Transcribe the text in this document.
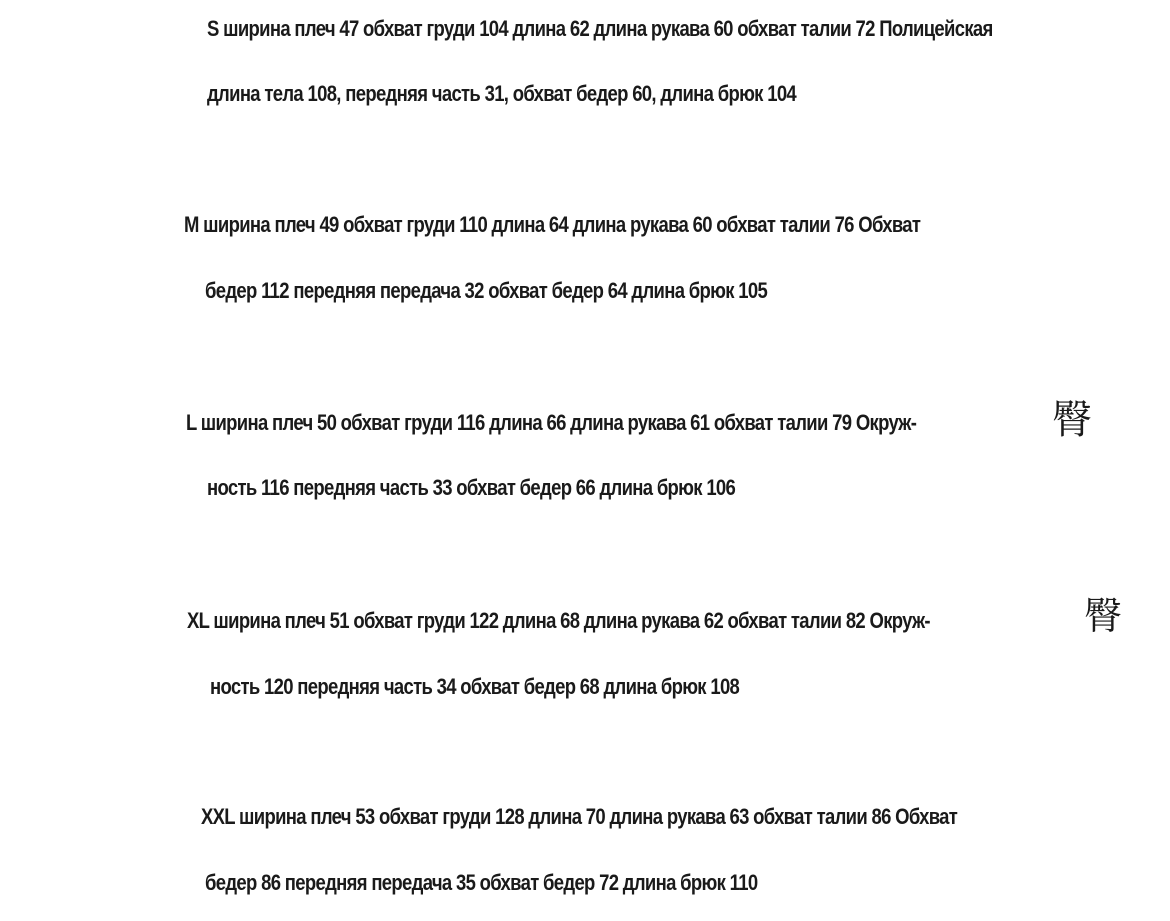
S ширина плеч 47 обхват груди 104 длина 62 длина рукава 60 обхват талии 72 Полицейская
длина тела 108, передняя часть 31, обхват бедер 60, длина брюк 104
M ширина плеч 49 обхват груди 110 длина 64 длина рукава 60 обхват талии 76 Обхват
бедер 112 передняя передача 32 обхват бедер 64 длина брюк 105
L ширина плеч 50 обхват груди 116 длина 66 длина рукава 61 обхват талии 79 Окруж-
ность 116 передняя часть 33 обхват бедер 66 длина брюк 106
臀
XL ширина плеч 51 обхват груди 122 длина 68 длина рукава 62 обхват талии 82 Окруж-
ность 120 передняя часть 34 обхват бедер 68 длина брюк 108
臀
XXL ширина плеч 53 обхват груди 128 длина 70 длина рукава 63 обхват талии 86 Обхват
бедер 86 передняя передача 35 обхват бедер 72 длина брюк 110
